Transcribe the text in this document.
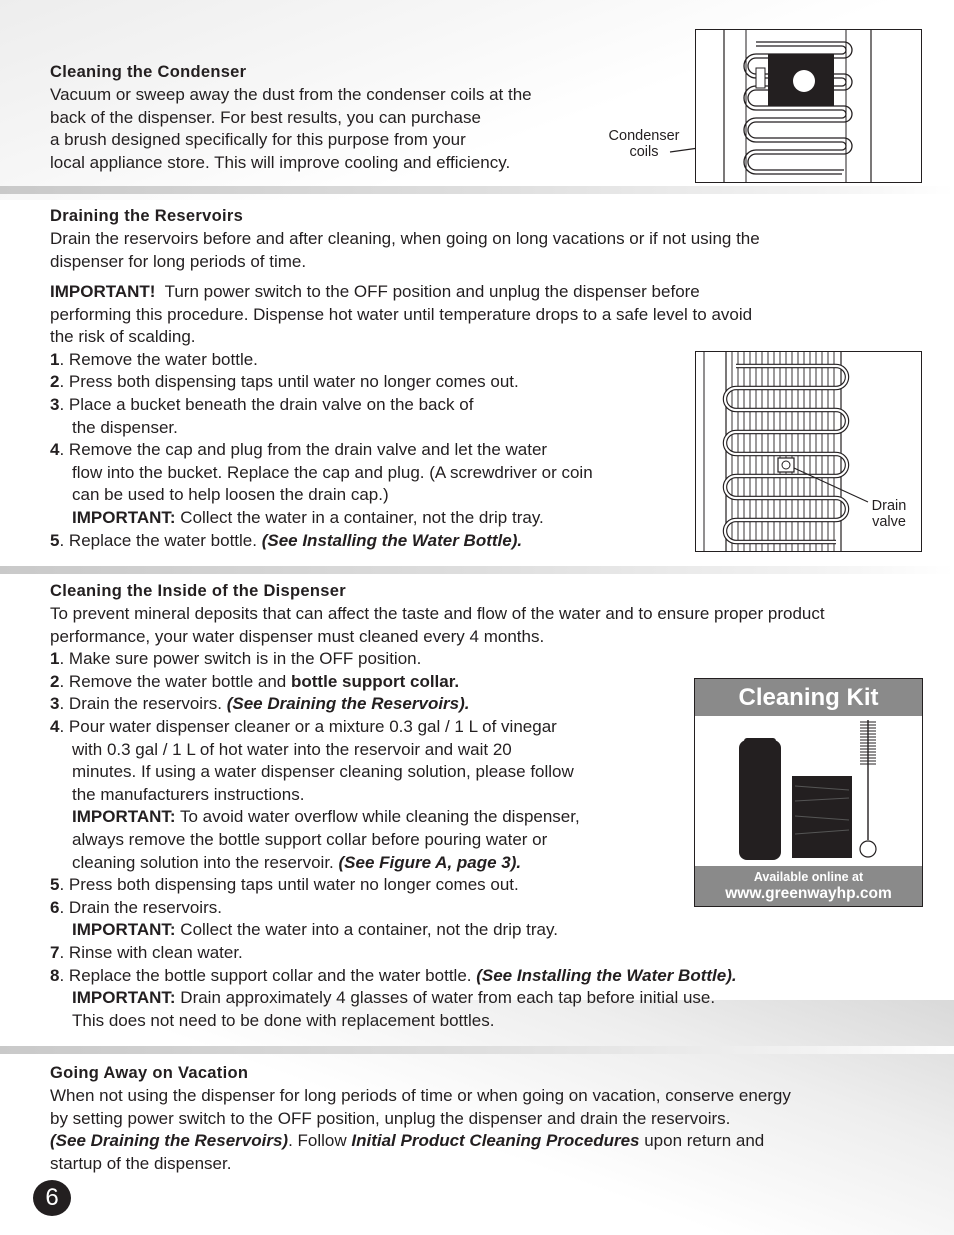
Cleaning the Condenser
Vacuum or sweep away the dust from the condenser coils at the
back of the dispenser. For best results, you can purchase
a brush designed specifically for this purpose from your
local appliance store. This will improve cooling and efficiency.
Condenser
coils
Draining the Reservoirs
Drain the reservoirs before and after cleaning, when going on long vacations or if not using the
dispenser for long periods of time.
IMPORTANT! Turn power switch to the OFF position and unplug the dispenser before
performing this procedure. Dispense hot water until temperature drops to a safe level to avoid
the risk of scalding.
1. Remove the water bottle.
2. Press both dispensing taps until water no longer comes out.
3. Place a bucket beneath the drain valve on the back of
the dispenser.
4. Remove the cap and plug from the drain valve and let the water
flow into the bucket. Replace the cap and plug. (A screwdriver or coin
can be used to help loosen the drain cap.)
IMPORTANT: Collect the water in a container, not the drip tray.
5. Replace the water bottle. (See Installing the Water Bottle).
Drain
valve
Cleaning the Inside of the Dispenser
To prevent mineral deposits that can affect the taste and flow of the water and to ensure proper product
performance, your water dispenser must cleaned every 4 months.
1. Make sure power switch is in the OFF position.
2. Remove the water bottle and bottle support collar.
3. Drain the reservoirs. (See Draining the Reservoirs).
4. Pour water dispenser cleaner or a mixture 0.3 gal / 1 L of vinegar
with 0.3 gal / 1 L of hot water into the reservoir and wait 20
minutes. If using a water dispenser cleaning solution, please follow
the manufacturers instructions.
IMPORTANT: To avoid water overflow while cleaning the dispenser,
always remove the bottle support collar before pouring water or
cleaning solution into the reservoir. (See Figure A, page 3).
5. Press both dispensing taps until water no longer comes out.
6. Drain the reservoirs.
IMPORTANT: Collect the water into a container, not the drip tray.
7. Rinse with clean water.
8. Replace the bottle support collar and the water bottle. (See Installing the Water Bottle).
IMPORTANT: Drain approximately 4 glasses of water from each tap before initial use.
This does not need to be done with replacement bottles.
Cleaning Kit
Available online at
www.greenwayhp.com
Going Away on Vacation
When not using the dispenser for long periods of time or when going on vacation, conserve energy
by setting power switch to the OFF position, unplug the dispenser and drain the reservoirs.
(See Draining the Reservoirs). Follow Initial Product Cleaning Procedures upon return and
startup of the dispenser.
6
